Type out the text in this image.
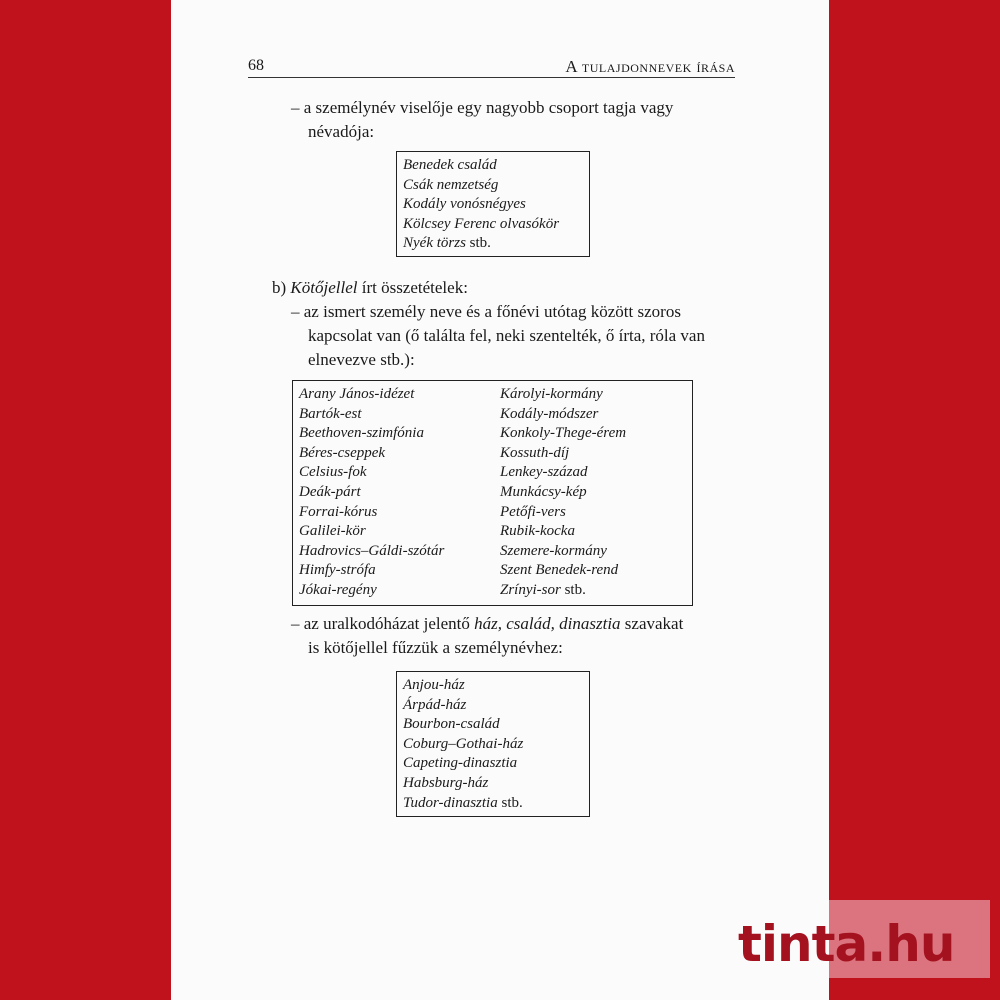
68	A tulajdonnevek írása
– a személynév viselője egy nagyobb csoport tagja vagy
névadója:
Benedek család
Csák nemzetség
Kodály vonósnégyes
Kölcsey Ferenc olvasókör
Nyék törzs stb.
b) Kötőjellel írt összetételek:
– az ismert személy neve és a főnévi utótag között szoros
kapcsolat van (ő találta fel, neki szentelték, ő írta, róla van
elnevezve stb.):
Arany János-idézet
Bartók-est
Beethoven-szimfónia
Béres-cseppek
Celsius-fok
Deák-párt
Forrai-kórus
Galilei-kör
Hadrovics–Gáldi-szótár
Himfy-strófa
Jókai-regény
Károlyi-kormány
Kodály-módszer
Konkoly-Thege-érem
Kossuth-díj
Lenkey-század
Munkácsy-kép
Petőfi-vers
Rubik-kocka
Szemere-kormány
Szent Benedek-rend
Zrínyi-sor stb.
– az uralkodóházat jelentő ház, család, dinasztia szavakat
is kötőjellel fűzzük a személynévhez:
Anjou-ház
Árpád-ház
Bourbon-család
Coburg–Gothai-ház
Capeting-dinasztia
Habsburg-ház
Tudor-dinasztia stb.
tinta.hu
